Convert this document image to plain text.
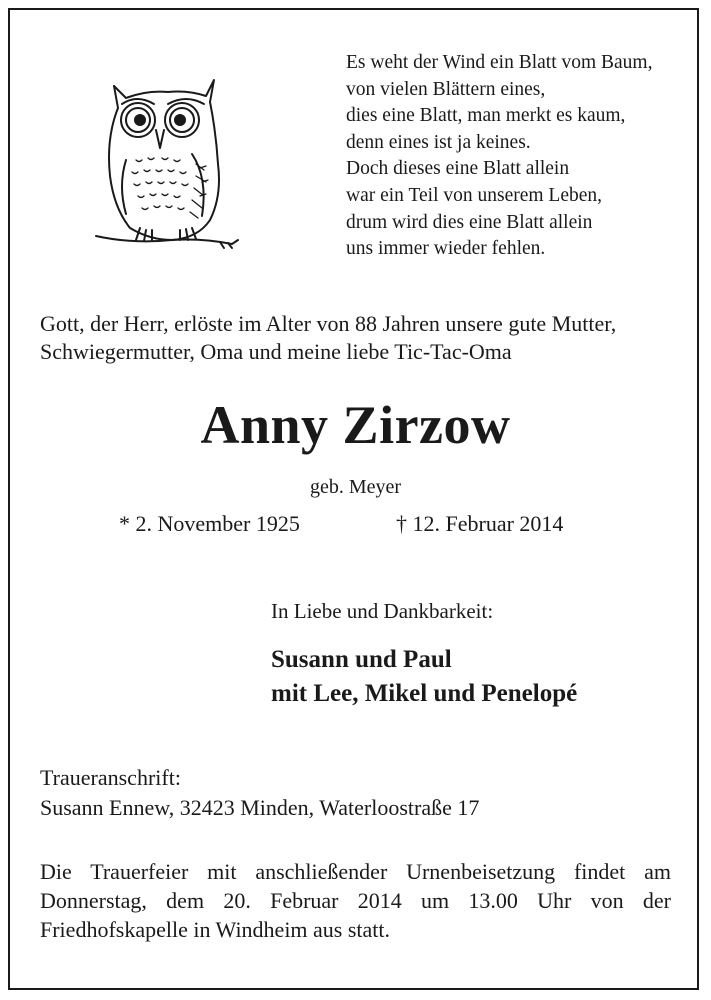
Es weht der Wind ein Blatt vom Baum,
von vielen Blättern eines,
dies eine Blatt, man merkt es kaum,
denn eines ist ja keines.
Doch dieses eine Blatt allein
war ein Teil von unserem Leben,
drum wird dies eine Blatt allein
uns immer wieder fehlen.
Gott, der Herr, erlöste im Alter von 88 Jahren unsere gute Mutter,
Schwiegermutter, Oma und meine liebe Tic-Tac-Oma
Anny Zirzow
geb. Meyer
* 2. November 1925	† 12. Februar 2014
In Liebe und Dankbarkeit:
Susann und Paul
mit Lee, Mikel und Penelopé
Traueranschrift:
Susann Ennew, 32423 Minden, Waterloostraße 17
Die Trauerfeier mit anschließender Urnenbeisetzung findet am
Donnerstag, dem 20. Februar 2014 um 13.00 Uhr von der
Friedhofskapelle in Windheim aus statt.
